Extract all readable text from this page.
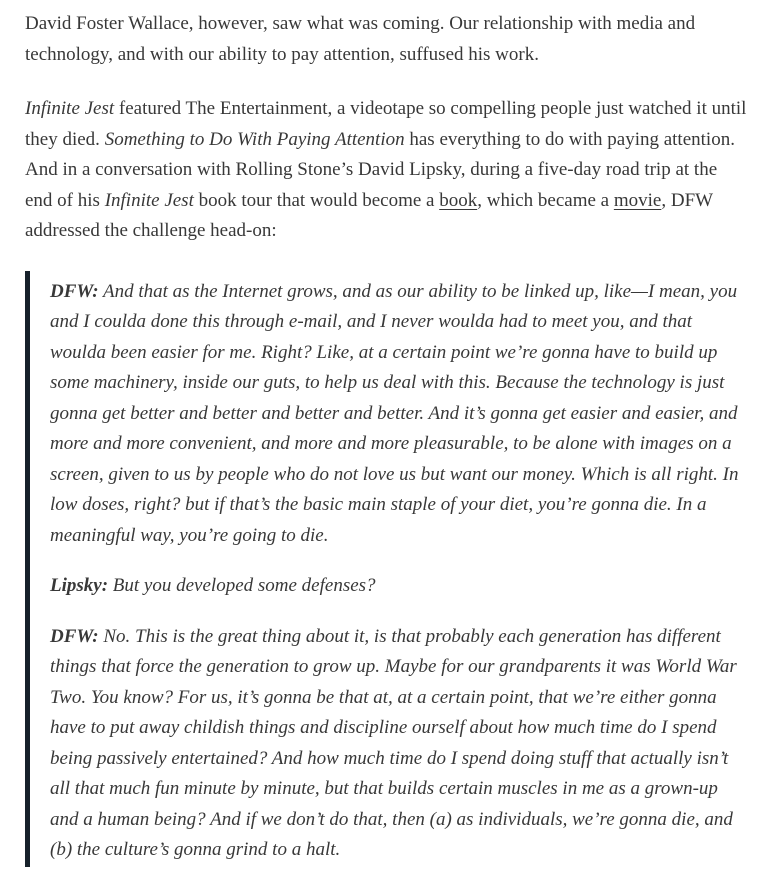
David Foster Wallace, however, saw what was coming. Our relationship with media and technology, and with our ability to pay attention, suffused his work.

Infinite Jest featured The Entertainment, a videotape so compelling people just watched it until they died. Something to Do With Paying Attention has everything to do with paying attention. And in a conversation with Rolling Stone’s David Lipsky, during a five-day road trip at the end of his Infinite Jest book tour that would become a book, which became a movie, DFW addressed the challenge head-on:

DFW: And that as the Internet grows, and as our ability to be linked up, like—I mean, you and I coulda done this through e-mail, and I never woulda had to meet you, and that woulda been easier for me. Right? Like, at a certain point we’re gonna have to build up some machinery, inside our guts, to help us deal with this. Because the technology is just gonna get better and better and better and better. And it’s gonna get easier and easier, and more and more convenient, and more and more pleasurable, to be alone with images on a screen, given to us by people who do not love us but want our money. Which is all right. In low doses, right? but if that’s the basic main staple of your diet, you’re gonna die. In a meaningful way, you’re going to die.

Lipsky: But you developed some defenses?

DFW: No. This is the great thing about it, is that probably each generation has different things that force the generation to grow up. Maybe for our grandparents it was World War Two. You know? For us, it’s gonna be that at, at a certain point, that we’re either gonna have to put away childish things and discipline ourself about how much time do I spend being passively entertained? And how much time do I spend doing stuff that actually isn’t all that much fun minute by minute, but that builds certain muscles in me as a grown-up and a human being? And if we don’t do that, then (a) as individuals, we’re gonna die, and (b) the culture’s gonna grind to a halt.
